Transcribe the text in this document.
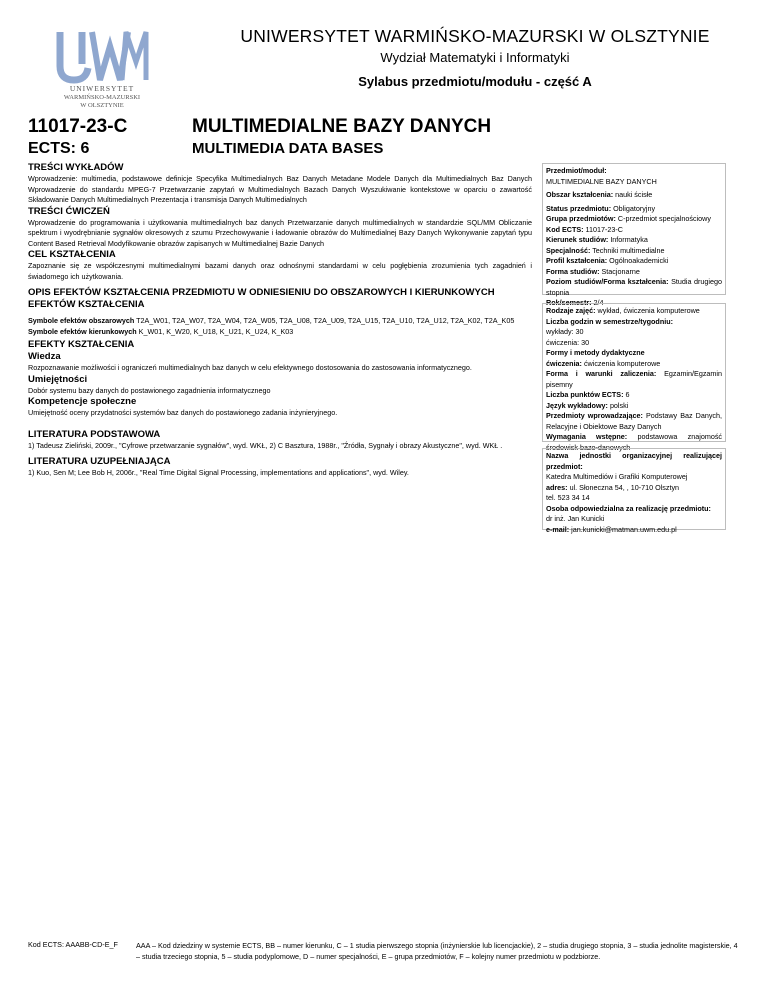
UNIWERSYTET
WARMIŃSKO-MAZURSKI
W OLSZTYNIE
UNIWERSYTET WARMIŃSKO-MAZURSKI W OLSZTYNIE
Wydział Matematyki i Informatyki
Sylabus przedmiotu/modułu - część A
11017-23-C	MULTIMEDIALNE BAZY DANYCH
ECTS: 6	MULTIMEDIA DATA BASES

TREŚCI WYKŁADÓW

Wprowadzenie: multimedia, podstawowe definicje Specyfika Multimedialnych Baz Danych Metadane Modele Danych dla Multimedialnych Baz Danych Wprowadzenie do standardu MPEG-7 Przetwarzanie zapytań w Multimedialnych Bazach Danych Wyszukiwanie kontekstowe w oparciu o zawartość Składowanie Danych Multimedialnych Prezentacja i transmisja Danych Multimedialnych

TREŚCI ĆWICZEŃ

Wprowadzenie do programowania i użytkowania multimedialnych baz danych Przetwarzanie danych multimedialnych w standardzie SQL/MM Obliczanie spektrum i wyodrębnianie sygnałów okresowych z szumu Przechowywanie i ładowanie obrazów do Multimedialnej Bazy Danych Wykonywanie zapytań typu Content Based Retrieval Modyfikowanie obrazów zapisanych w Multimedialnej Bazie Danych

CEL KSZTAŁCENIA

Zapoznanie się ze współczesnymi multimedialnymi bazami danych oraz odnośnymi standardami w celu pogłębienia zrozumienia tych zagadnień i świadomego ich użytkowania.

OPIS EFEKTÓW KSZTAŁCENIA PRZEDMIOTU W ODNIESIENIU DO OBSZAROWYCH I KIERUNKOWYCH EFEKTÓW KSZTAŁCENIA

Symbole efektów obszarowych T2A_W01, T2A_W07, T2A_W04, T2A_W05, T2A_U08, T2A_U09, T2A_U15, T2A_U10, T2A_U12, T2A_K02, T2A_K05

Symbole efektów kierunkowych K_W01, K_W20, K_U18, K_U21, K_U24, K_K03

EFEKTY KSZTAŁCENIA

Wiedza

Rozpoznawanie możliwości i ograniczeń multimedialnych baz danych w celu efektywnego dostosowania do zastosowania informatycznego.

Umiejętności

Dobór systemu bazy danych do postawionego zagadnienia informatycznego

Kompetencje społeczne

Umiejętność oceny przydatności systemów baz danych do postawionego zadania inżynieryjnego.

LITERATURA PODSTAWOWA

1) Tadeusz Zieliński, 2009r., "Cyfrowe przetwarzanie sygnałów", wyd. WKŁ, 2) C Basztura, 1988r., "Źródła, Sygnały i obrazy Akustyczne", wyd. WKŁ .

LITERATURA UZUPEŁNIAJĄCA

1) Kuo, Sen M; Lee Bob H, 2006r., "Real Time Digital Signal Processing, implementations and applications", wyd. Wiley.

Przedmiot/moduł:

MULTIMEDIALNE BAZY DANYCH

Obszar kształcenia: nauki ścisłe

Status przedmiotu: Obligatoryjny

Grupa przedmiotów: C-przedmiot specjalnościowy

Kod ECTS: 11017-23-C

Kierunek studiów: Informatyka

Specjalność: Techniki multimedialne

Profil kształcenia: Ogólnoakademicki

Forma studiów: Stacjonarne

Poziom studiów/Forma kształcenia: Studia drugiego stopnia

Rok/semestr: 2/4

Rodzaje zajęć: wykład, ćwiczenia komputerowe

Liczba godzin w semestrze/tygodniu:

wykłady: 30

ćwiczenia: 30

Formy i metody dydaktyczne

ćwiczenia: ćwiczenia komputerowe

Forma i warunki zaliczenia: Egzamin/Egzamin pisemny

Liczba punktów ECTS: 6

Język wykładowy: polski

Przedmioty wprowadzające: Podstawy Baz Danych, Relacyjne i Obiektowe Bazy Danych

Wymagania wstępne: podstawowa znajomość środowisk bazo-danowych

Nazwa jednostki organizacyjnej realizującej przedmiot:

Katedra Multimediów i Grafiki Komputerowej

adres: ul. Słoneczna 54, , 10-710 Olsztyn

tel. 523 34 14

Osoba odpowiedzialna za realizację przedmiotu:

dr inż. Jan Kunicki

e-mail: jan.kunicki@matman.uwm.edu.pl

Kod ECTS: AAABB-CD-E_F	AAA – Kod dziedziny w systemie ECTS, BB – numer kierunku, C – 1 studia pierwszego stopnia (inżynierskie lub licencjackie), 2 – studia drugiego stopnia, 3 – studia jednolite magisterskie, 4 – studia trzeciego stopnia, 5 – studia podyplomowe, D – numer specjalności, E – grupa przedmiotów, F – kolejny numer przedmiotu w podzbiorze.
